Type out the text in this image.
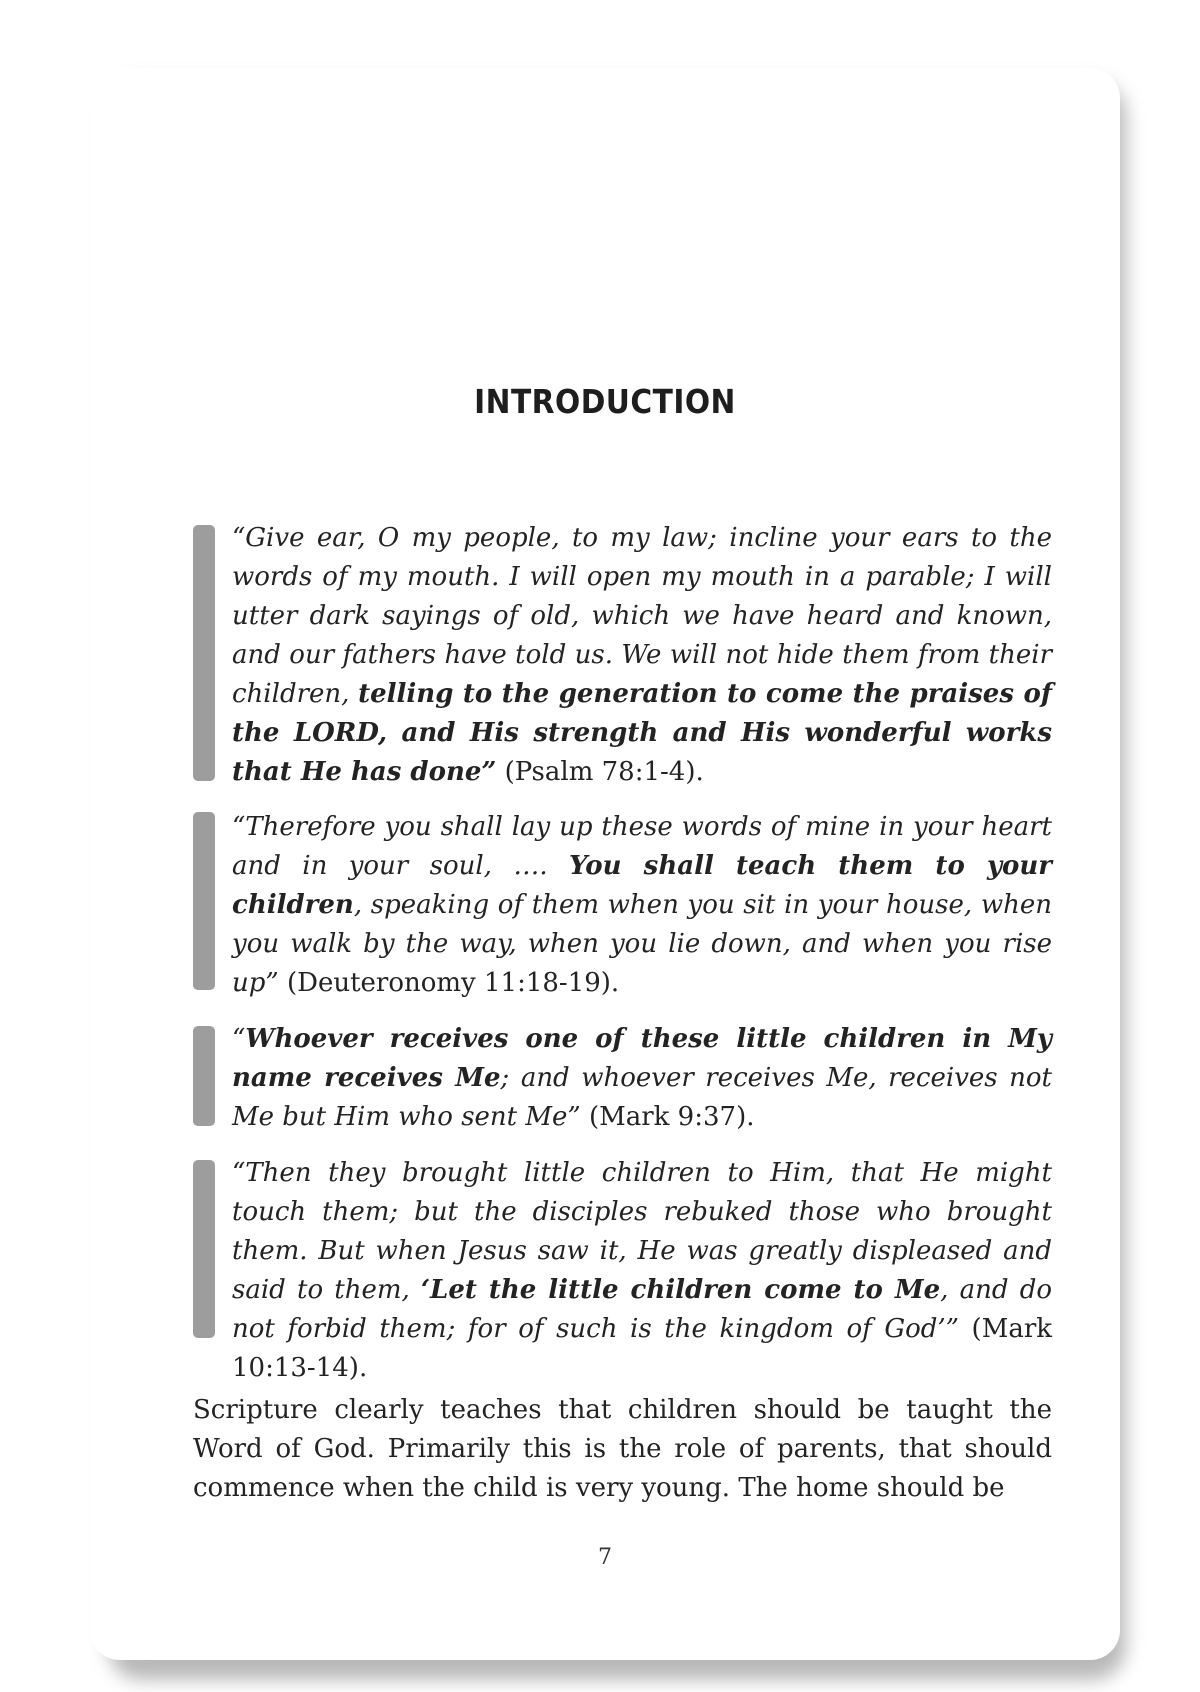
INTRODUCTION

“Give ear, O my people, to my law; incline your ears to the words of my mouth. I will open my mouth in a parable; I will utter dark sayings of old, which we have heard and known, and our fathers have told us. We will not hide them from their children, telling to the generation to come the praises of the LORD, and His strength and His wonderful works that He has done” (Psalm 78:1-4).

“Therefore you shall lay up these words of mine in your heart and in your soul, …. You shall teach them to your children, speaking of them when you sit in your house, when you walk by the way, when you lie down, and when you rise up” (Deuteronomy 11:18-19).

“Whoever receives one of these little children in My name receives Me; and whoever receives Me, receives not Me but Him who sent Me” (Mark 9:37).

“Then they brought little children to Him, that He might touch them; but the disciples rebuked those who brought them. But when Jesus saw it, He was greatly displeased and said to them, ‘Let the little children come to Me, and do not forbid them; for of such is the kingdom of God’” (Mark 10:13-14).

Scripture clearly teaches that children should be taught the Word of God. Primarily this is the role of parents, that should commence when the child is very young. The home should be

7
